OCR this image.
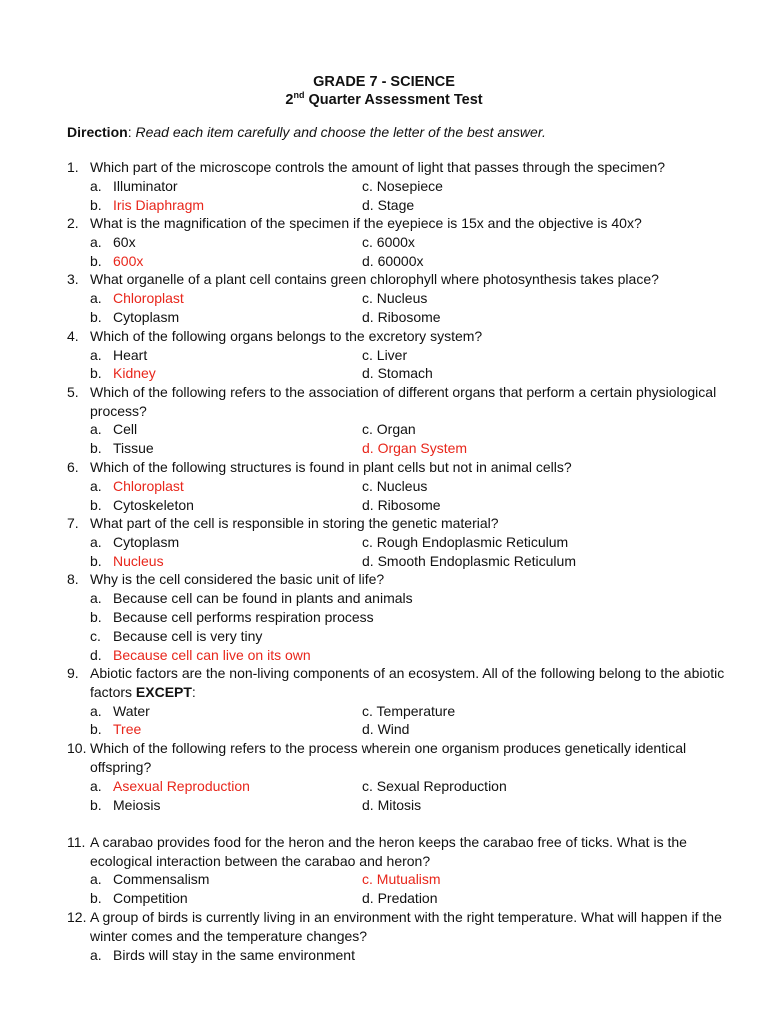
GRADE 7 - SCIENCE
2nd Quarter Assessment Test
Direction: Read each item carefully and choose the letter of the best answer.
1. Which part of the microscope controls the amount of light that passes through the specimen?
a. Illuminator	c. Nosepiece
b. Iris Diaphragm	d. Stage
2. What is the magnification of the specimen if the eyepiece is 15x and the objective is 40x?
a. 60x	c. 6000x
b. 600x	d. 60000x
3. What organelle of a plant cell contains green chlorophyll where photosynthesis takes place?
a. Chloroplast	c. Nucleus
b. Cytoplasm	d. Ribosome
4. Which of the following organs belongs to the excretory system?
a. Heart	c. Liver
b. Kidney	d. Stomach
5. Which of the following refers to the association of different organs that perform a certain physiological
process?
a. Cell	c. Organ
b. Tissue	d. Organ System
6. Which of the following structures is found in plant cells but not in animal cells?
a. Chloroplast	c. Nucleus
b. Cytoskeleton	d. Ribosome
7. What part of the cell is responsible in storing the genetic material?
a. Cytoplasm	c. Rough Endoplasmic Reticulum
b. Nucleus	d. Smooth Endoplasmic Reticulum
8. Why is the cell considered the basic unit of life?
a. Because cell can be found in plants and animals
b. Because cell performs respiration process
c. Because cell is very tiny
d. Because cell can live on its own
9. Abiotic factors are the non-living components of an ecosystem. All of the following belong to the abiotic
factors EXCEPT:
a. Water	c. Temperature
b. Tree	d. Wind
10. Which of the following refers to the process wherein one organism produces genetically identical
offspring?
a. Asexual Reproduction	c. Sexual Reproduction
b. Meiosis	d. Mitosis
11. A carabao provides food for the heron and the heron keeps the carabao free of ticks. What is the
ecological interaction between the carabao and heron?
a. Commensalism	c. Mutualism
b. Competition	d. Predation
12. A group of birds is currently living in an environment with the right temperature. What will happen if the
winter comes and the temperature changes?
a. Birds will stay in the same environment
